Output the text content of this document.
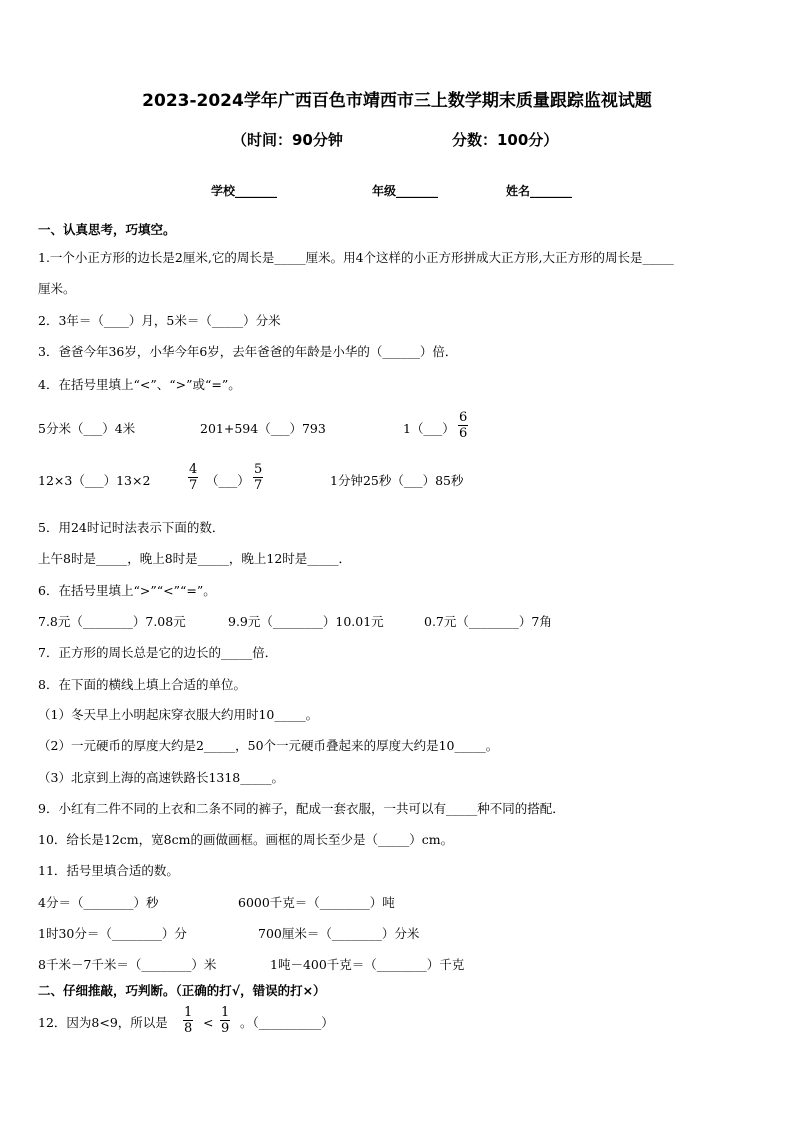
2023-2024学年广西百色市靖西市三上数学期末质量跟踪监视试题
（时间：90分钟	分数：100分）
学校_______	年级_______	姓名_______
一、认真思考，巧填空。
1.一个小正方形的边长是2厘米,它的周长是_____厘米。用4个这样的小正方形拼成大正方形,大正方形的周长是_____
厘米。
2．3年＝（____）月，5米＝（_____）分米
3．爸爸今年36岁，小华今年6岁，去年爸爸的年龄是小华的（______）倍．
4．在括号里填上“<”、“>”或“=”。
5分米（___）4米	201+594（___）793	1（___） $\frac{6}{6}$
12×3（___）13×2	$\frac{4}{7}$ （___） $\frac{5}{7}$	1分钟25秒（___）85秒
5．用24时记时法表示下面的数．
上午8时是_____，晚上8时是_____，晚上12时是_____．
6．在括号里填上“>”“<”“=”。
7.8元（________）7.08元	9.9元（________）10.01元	0.7元（________）7角
7．正方形的周长总是它的边长的_____倍．
8．在下面的横线上填上合适的单位。
（1）冬天早上小明起床穿衣服大约用时10_____。
（2）一元硬币的厚度大约是2_____，50个一元硬币叠起来的厚度大约是10_____。
（3）北京到上海的高速铁路长1318_____。
9．小红有二件不同的上衣和二条不同的裤子，配成一套衣服，一共可以有_____种不同的搭配．
10．给长是12cm，宽8cm的画做画框。画框的周长至少是（_____）cm。
11．括号里填合适的数。
4分＝（________）秒	6000千克＝（________）吨
1时30分＝（________）分	700厘米＝（________）分米
8千米－7千米＝（________）米	1吨－400千克＝（________）千克
二、仔细推敲，巧判断。（正确的打√，错误的打×）
12．因为8<9，所以是 $\frac{1}{8} < \frac{1}{9}$ 。（__________）
